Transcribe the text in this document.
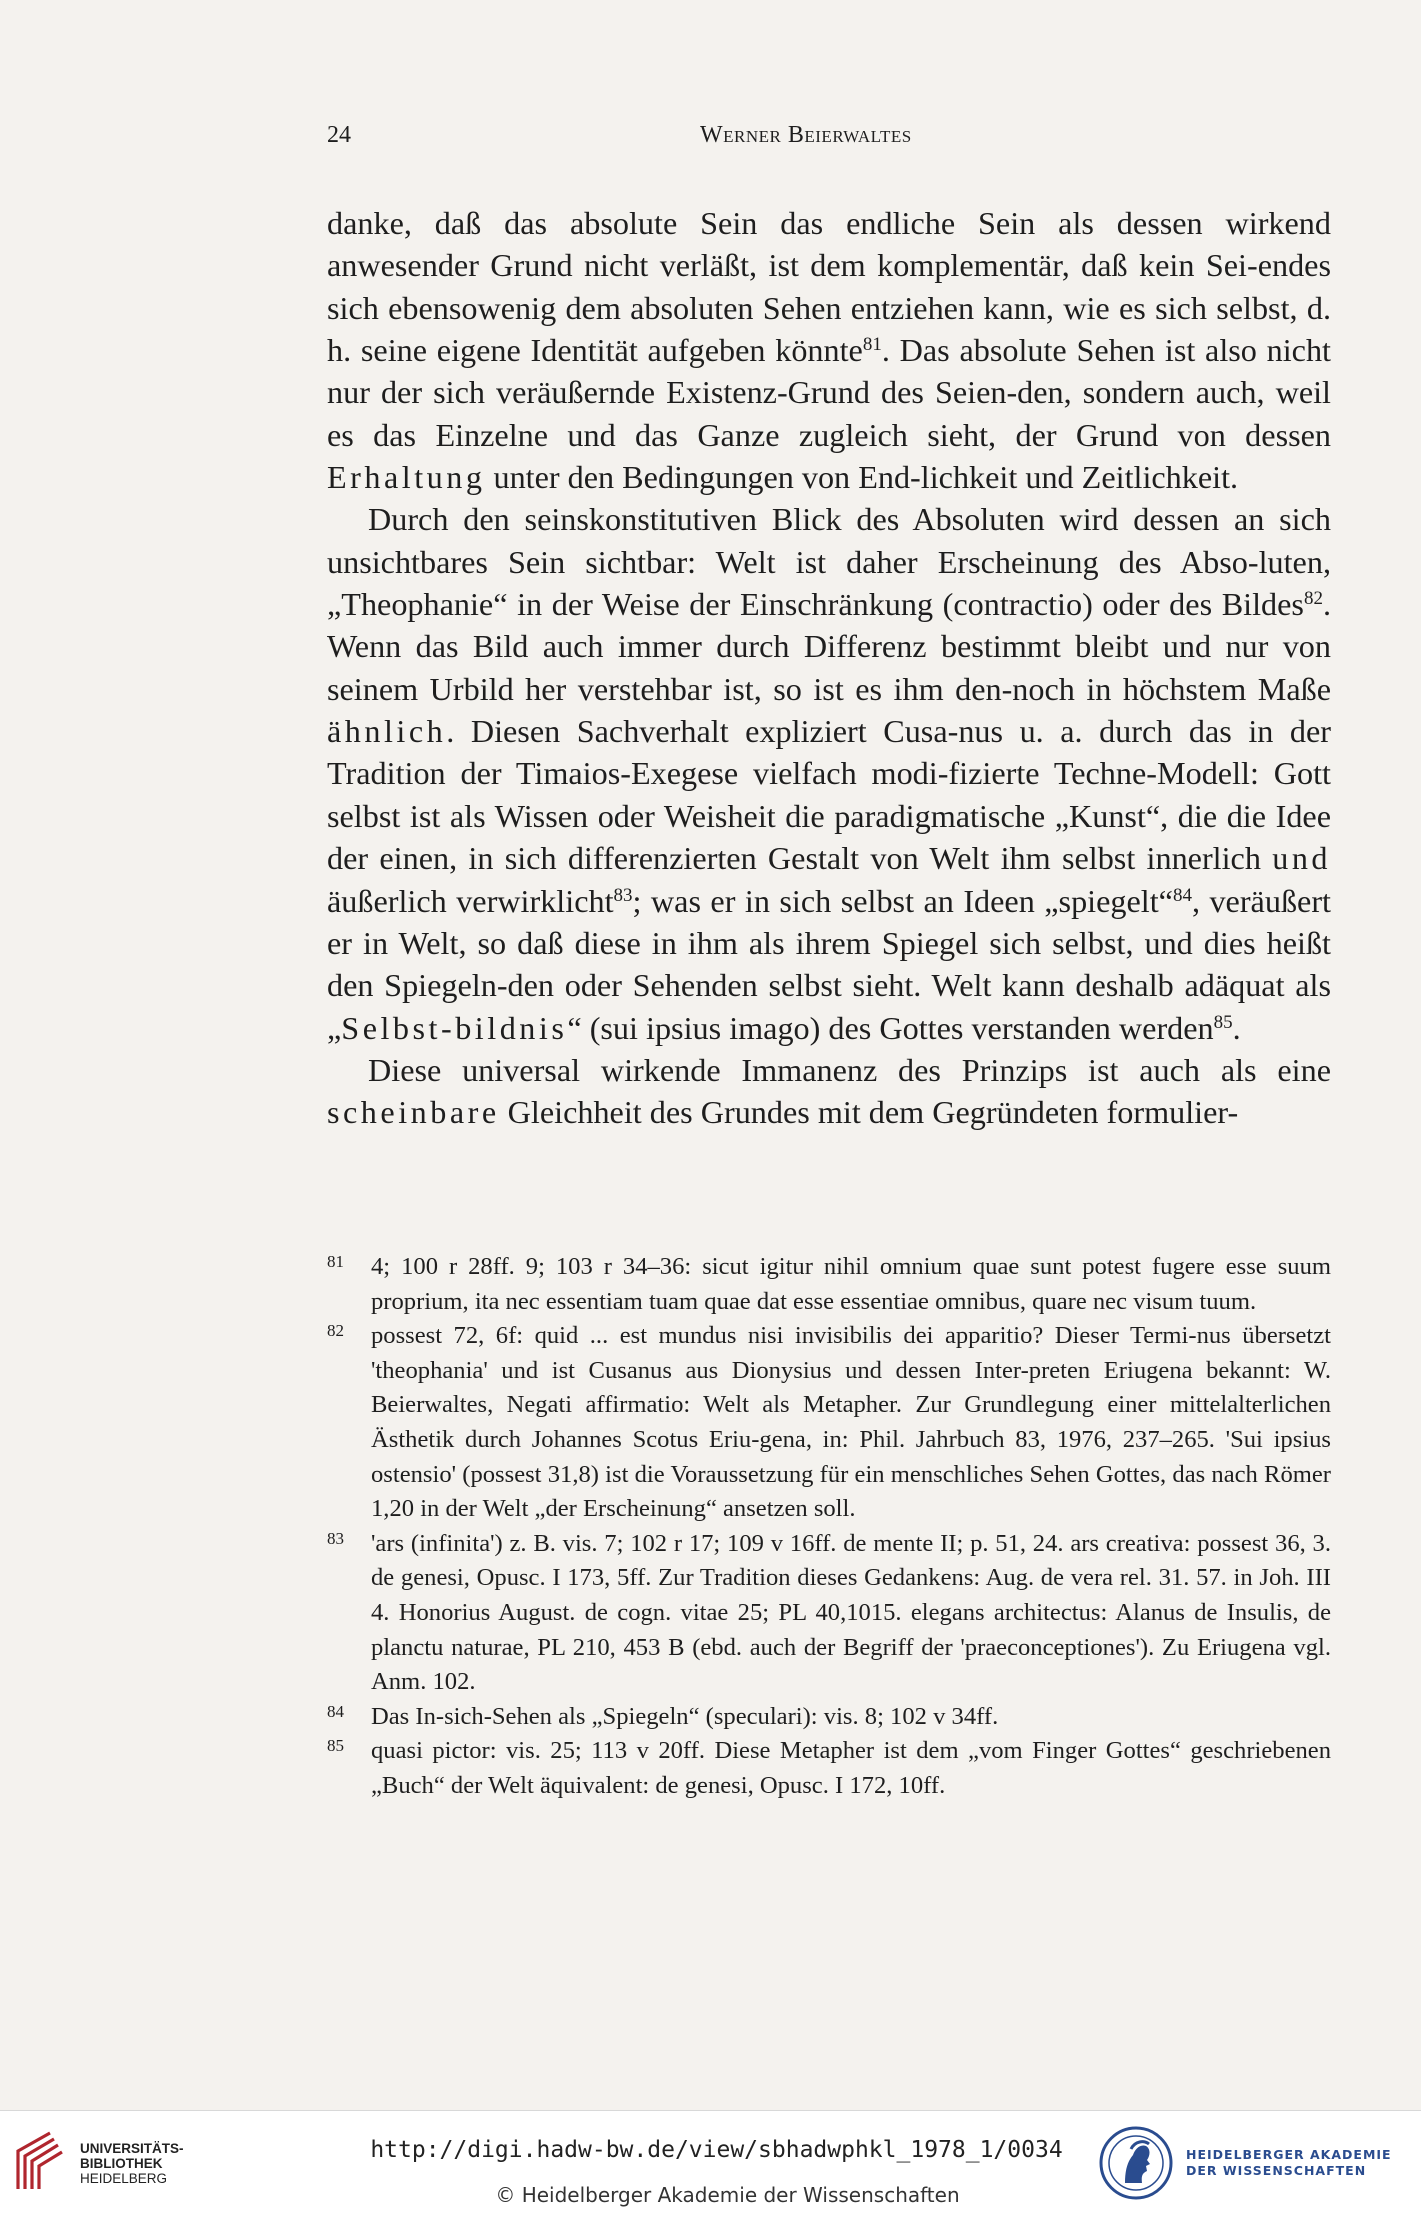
24	Werner Beierwaltes

danke, daß das absolute Sein das endliche Sein als dessen wirkend anwesender Grund nicht verläßt, ist dem komplementär, daß kein Sei-endes sich ebensowenig dem absoluten Sehen entziehen kann, wie es sich selbst, d. h. seine eigene Identität aufgeben könnte$^{81}$. Das absolute Sehen ist also nicht nur der sich veräußernde Existenz-Grund des Seien-den, sondern auch, weil es das Einzelne und das Ganze zugleich sieht, der Grund von dessen Erhaltung unter den Bedingungen von End-lichkeit und Zeitlichkeit.

Durch den seinskonstitutiven Blick des Absoluten wird dessen an sich unsichtbares Sein sichtbar: Welt ist daher Erscheinung des Abso-luten, „Theophanie“ in der Weise der Einschränkung (contractio) oder des Bildes$^{82}$. Wenn das Bild auch immer durch Differenz bestimmt bleibt und nur von seinem Urbild her verstehbar ist, so ist es ihm den-noch in höchstem Maße ähnlich. Diesen Sachverhalt expliziert Cusa-nus u. a. durch das in der Tradition der Timaios-Exegese vielfach modi-fizierte Techne-Modell: Gott selbst ist als Wissen oder Weisheit die paradigmatische „Kunst“, die die Idee der einen, in sich differenzierten Gestalt von Welt ihm selbst innerlich und äußerlich verwirklicht$^{83}$; was er in sich selbst an Ideen „spiegelt“$^{84}$, veräußert er in Welt, so daß diese in ihm als ihrem Spiegel sich selbst, und dies heißt den Spiegeln-den oder Sehenden selbst sieht. Welt kann deshalb adäquat als „Selbst-bildnis“ (sui ipsius imago) des Gottes verstanden werden$^{85}$.

Diese universal wirkende Immanenz des Prinzips ist auch als eine scheinbare Gleichheit des Grundes mit dem Gegründeten formulier-

81 4; 100 r 28ff. 9; 103 r 34–36: sicut igitur nihil omnium quae sunt potest fugere esse suum proprium, ita nec essentiam tuam quae dat esse essentiae omnibus, quare nec visum tuum.
82 possest 72, 6f: quid ... est mundus nisi invisibilis dei apparitio? Dieser Termi-nus übersetzt 'theophania' und ist Cusanus aus Dionysius und dessen Inter-preten Eriugena bekannt: W. Beierwaltes, Negati affirmatio: Welt als Metapher. Zur Grundlegung einer mittelalterlichen Ästhetik durch Johannes Scotus Eriu-gena, in: Phil. Jahrbuch 83, 1976, 237–265. 'Sui ipsius ostensio' (possest 31,8) ist die Voraussetzung für ein menschliches Sehen Gottes, das nach Römer 1,20 in der Welt „der Erscheinung“ ansetzen soll.
83 'ars (infinita') z. B. vis. 7; 102 r 17; 109 v 16ff. de mente II; p. 51, 24. ars creativa: possest 36, 3. de genesi, Opusc. I 173, 5ff. Zur Tradition dieses Gedankens: Aug. de vera rel. 31. 57. in Joh. III 4. Honorius August. de cogn. vitae 25; PL 40,1015. elegans architectus: Alanus de Insulis, de planctu naturae, PL 210, 453 B (ebd. auch der Begriff der 'praeconceptiones'). Zu Eriugena vgl. Anm. 102.
84 Das In-sich-Sehen als „Spiegeln“ (speculari): vis. 8; 102 v 34ff.
85 quasi pictor: vis. 25; 113 v 20ff. Diese Metapher ist dem „vom Finger Gottes“ geschriebenen „Buch“ der Welt äquivalent: de genesi, Opusc. I 172, 10ff.
UNIVERSITÄTS-
BIBLIOTHEK
HEIDELBERG
http://digi.hadw-bw.de/view/sbhadwphkl_1978_1/0034
© Heidelberger Akademie der Wissenschaften
HEIDELBERGER AKADEMIE
DER WISSENSCHAFTEN
